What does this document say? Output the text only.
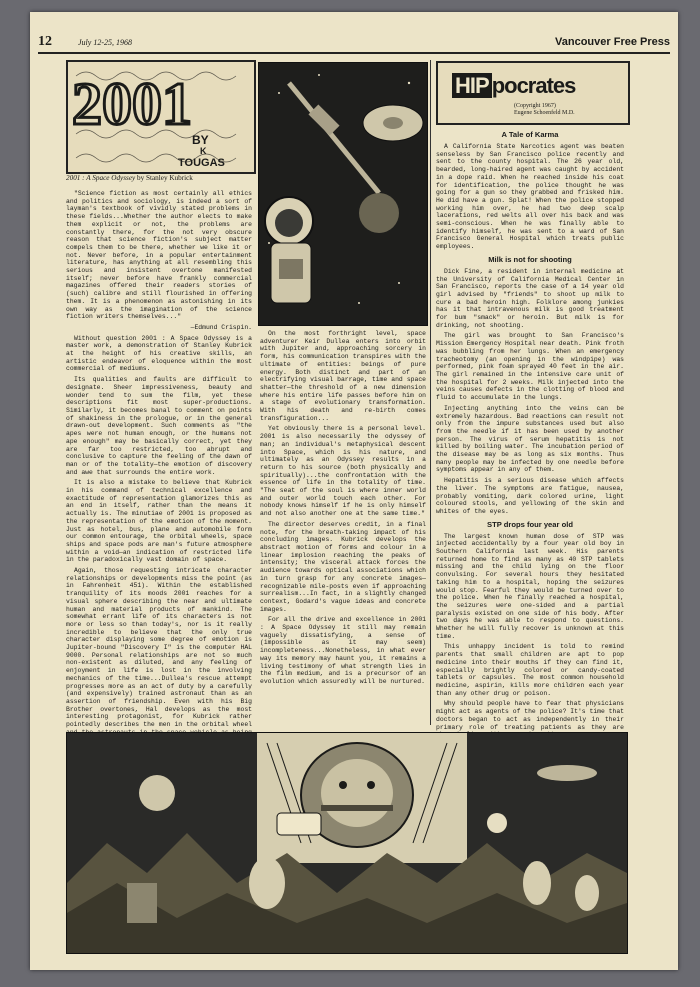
12	July 12-25, 1968	Vancouver Free Press
2001
BY
K
TOUGAS
2001 : A Space Odyssey by Stanley Kubrick

"Science fiction as most certainly all ethics and politics and sociology, is indeed a sort of layman's textbook of vividly stated problems in these fields...Whether the author elects to make them explicit or not, the problems are constantly there, for the not very obscure reason that science fiction's subject matter compels them to be there, whether we like it or not. Never before, in a popular entertainment literature, has anything at all resembling this serious and insistent overtone manifested itself; never before have frankly commercial magazines offered their readers stories of (such) calibre and still flourished in offering them. It is a phenomenon as astonishing in its own way as the imagination of the science fiction writers themselves..."

—Edmund Crispin.

Without question 2001 : A Space Odyssey is a master work, a demonstration of Stanley Kubrick at the height of his creative skills, an artistic endeavor of eloquence within the most commercial of mediums.

Its qualities and faults are difficult to designate. Sheer impressiveness, beauty and wonder tend to sum the film, yet these descriptions fit most super-productions. Similarly, it becomes banal to comment on points of shakiness in the prologue, or in the general drawn-out development. Such comments as "the apes were not human enough, or the humans not ape enough" may be basically correct, yet they are far too restricted, too abrupt and conclusive to capture the feeling of the dawn of man or of the totality—the emotion of discovery and awe that surrounds the entire work.

It is also a mistake to believe that Kubrick in his command of technical excellence and exactitude of representation glamorizes this as an end in itself, rather than the means it actually is. The minutiae of 2001 is proposed as the representation of the emotion of the moment. Just as hotel, bus, plane and automobile form our common entourage, the orbital wheels, space ships and space pods are man's future atmosphere within a void—an indication of restricted life in the paradoxically vast domain of space.

Again, those requesting intricate character relationships or developments miss the point (as in Fahrenheit 451). Within the established tranquility of its moods 2001 reaches for a visual sphere describing the near and ultimate human and material products of mankind. The somewhat errant life of its characters is not more or less so than today's, nor is it really incredible to believe that the only true character displaying some degree of emotion is Jupiter-bound "Discovery I" is the computer HAL 9000. Personal relationships are not so much non-existent as diluted, and any feeling of enjoyment in life is lost in the involving mechanics of the time...Dullea's rescue attempt progresses more as an act of duty by a carefully (and expensively) trained astronaut than as an assertion of friendship. Even with his Big Brother overtones, Hal develops as the most interesting protagonist, for Kubrick rather pointedly describes the men in the orbital wheel

On the most forthright level, space adventurer Keir Dullea enters into orbit with Jupiter and, approaching sorcery in form, his communication transpires with the ultimate of entities: beings of pure energy. Both distinct and part of an electrifying visual barrage, time and space shatter—the threshold of a new dimension where his entire life passes before him on a stage of evolutionary transformation. With his death and re-birth comes transfiguration...

Yet obviously there is a personal level. 2001 is also necessarily the odyssey of man; an individual's metaphysical descent into Space, which is his nature, and ultimately as an Odyssey results in a return to his source (both physically and spiritually)...the confrontation with the essence of life in the totality of time. "The seat of the soul is where inner world and outer world touch each other. For nobody knows himself if he is only himself and not also another one at the same time."

The director deserves credit, in a final note, for the breath-taking impact of his concluding images. Kubrick develops the abstract motion of forms and colour in a linear implosion reaching the peaks of intensity; the visceral attack forces the audience towards optical associations which in turn grasp for any concrete images—recognizable mile-posts even if approaching surrealism...In fact, in a slightly changed context, Godard's vague ideas and concrete images.

For all the drive and excellence in 2001 : A Space Odyssey it still may remain vaguely dissatisfying, a sense of (impossible as it may seem) incompleteness...Nonetheless, in what ever way its memory may haunt you, it remains a living testimony of what strength lies in the film medium, and is a precursor of an evolution which assuredly will be nurtured.

HIP pocrates
(Copyright 1967)
Eugene Schoenfeld M.D.
A Tale of Karma

A California State Narcotics agent was beaten senseless by San Francisco police recently and sent to the county hospital. The 26 year old, bearded, long-haired agent was caught by accident in a dope raid. When he reached inside his coat for identification, the police thought he was going for a gun so they grabbed and frisked him. He did have a gun. Splat! When the police stopped working him over, he had two deep scalp lacerations, red welts all over his back and was semi-conscious. When he was finally able to identify himself, he was sent to a ward of San Francisco General Hospital which treats public employees.

Milk is not for shooting

Dick Fine, a resident in internal medicine at the University of California Medical Center in San Francisco, reports the case of a 14 year old girl advised by "friends" to shoot up milk to cure a bad heroin high. Folklore among junkies has it that intravenous milk is good treatment for bum "smack" or heroin. But milk is for drinking, not shooting.

The girl was brought to San Francisco's Mission Emergency Hospital near death. Pink froth was bubbling from her lungs. When an emergency tracheotomy (an opening in the windpipe) was performed, pink foam sprayed 40 feet in the air. The girl remained in the intensive care unit of the hospital for 2 weeks. Milk injected into the veins causes defects in the clotting of blood and fluid to accumulate in the lungs.

Injecting anything into the veins can be extremely hazardous. Bad reactions can result not only from the impure substances used but also from the needle if it has been used by another person. The virus of serum hepatitis is not killed by boiling water. The incubation period of the disease may be as long as six months. Thus many people may be infected by one needle before symptoms appear in any of them.

Hepatitis is a serious disease which affects the liver. The symptoms are fatigue, nausea, probably vomiting, dark colored urine, light coloured stools, and yellowing of the skin and whites of the eyes.

STP drops four year old

The largest known human dose of STP was injected accidentally by a four year old boy in Southern California last week. His parents returned home to find as many as 40 STP tablets missing and the child lying on the floor convulsing. For several hours they hesitated taking him to a hospital, hoping the seizures would stop. Fearful they would be turned over to the police. When he finally reached a hospital, the seizures were one-sided and a partial paralysis existed on one side of his body. After two days he was able to respond to questions. Whether he will fully recover is unknown at this time.

This unhappy incident is told to remind parents that small children are apt to pop medicine into their mouths if they can find it, especially brightly colored or candy-coated tablets or capsules. The most common household medicine, aspirin, kills more children each year than any other drug or poison.

Why should people have to fear that physicians might act as agents of the police? It's time that doctors began to act as independently in their primary role of treating patients as they are
